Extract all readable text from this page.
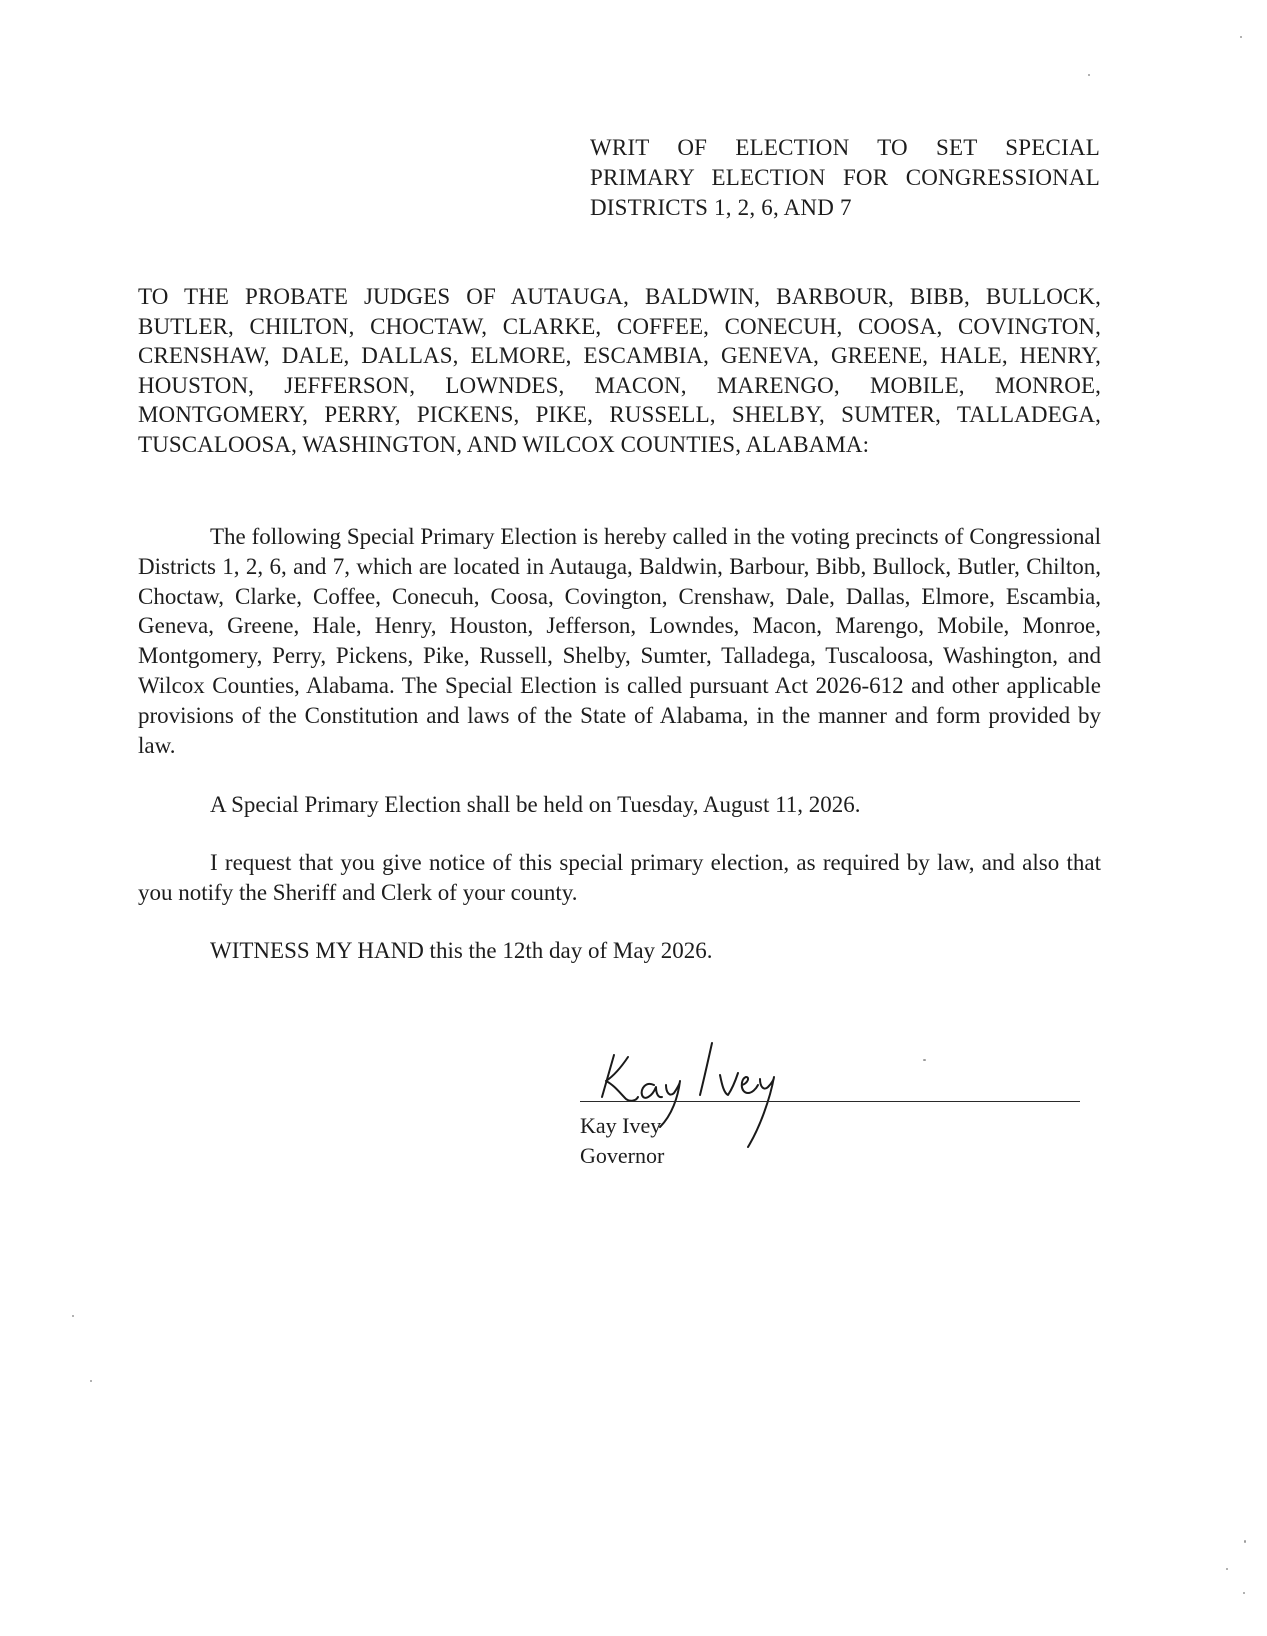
WRIT OF ELECTION TO SET SPECIAL
PRIMARY ELECTION FOR CONGRESSIONAL
DISTRICTS 1, 2, 6, AND 7
TO THE PROBATE JUDGES OF AUTAUGA, BALDWIN, BARBOUR, BIBB, BULLOCK, BUTLER, CHILTON, CHOCTAW, CLARKE, COFFEE, CONECUH, COOSA, COVINGTON, CRENSHAW, DALE, DALLAS, ELMORE, ESCAMBIA, GENEVA, GREENE, HALE, HENRY, HOUSTON, JEFFERSON, LOWNDES, MACON, MARENGO, MOBILE, MONROE, MONTGOMERY, PERRY, PICKENS, PIKE, RUSSELL, SHELBY, SUMTER, TALLADEGA, TUSCALOOSA, WASHINGTON, AND WILCOX COUNTIES, ALABAMA:
The following Special Primary Election is hereby called in the voting precincts of Congressional Districts 1, 2, 6, and 7, which are located in Autauga, Baldwin, Barbour, Bibb, Bullock, Butler, Chilton, Choctaw, Clarke, Coffee, Conecuh, Coosa, Covington, Crenshaw, Dale, Dallas, Elmore, Escambia, Geneva, Greene, Hale, Henry, Houston, Jefferson, Lowndes, Macon, Marengo, Mobile, Monroe, Montgomery, Perry, Pickens, Pike, Russell, Shelby, Sumter, Talladega, Tuscaloosa, Washington, and Wilcox Counties, Alabama. The Special Election is called pursuant Act 2026-612 and other applicable provisions of the Constitution and laws of the State of Alabama, in the manner and form provided by law.
A Special Primary Election shall be held on Tuesday, August 11, 2026.
I request that you give notice of this special primary election, as required by law, and also that you notify the Sheriff and Clerk of your county.
WITNESS MY HAND this the 12th day of May 2026.
Kay Ivey
Governor
